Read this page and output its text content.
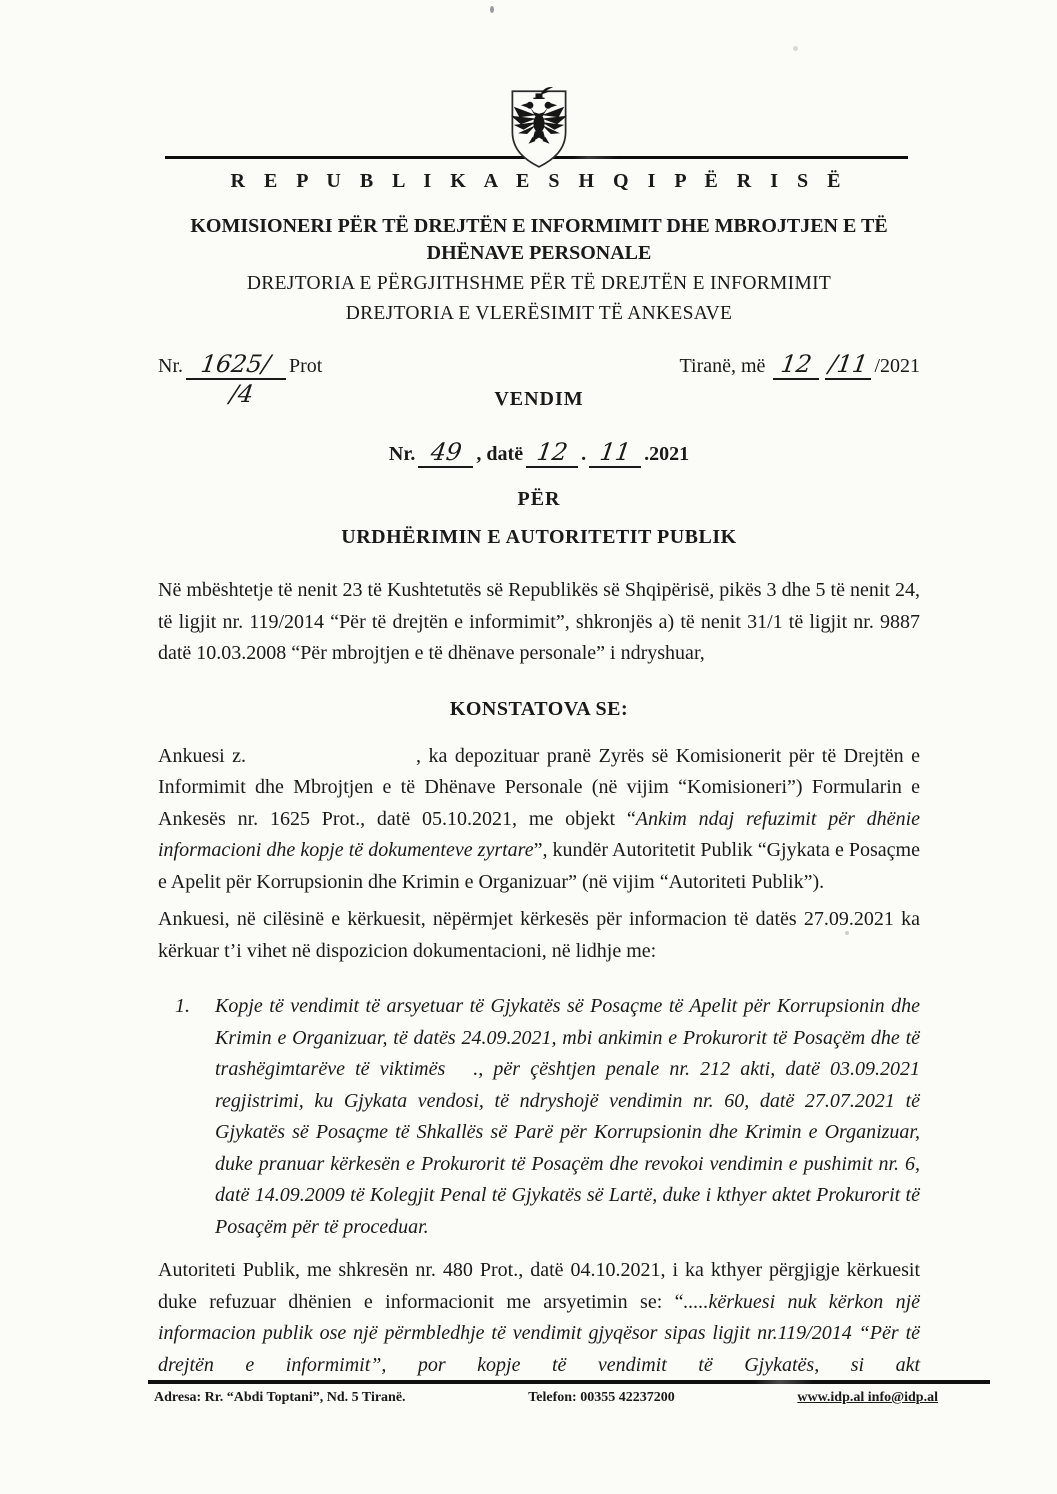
R E P U B L I K A E S H Q I P Ë R I S Ë
KOMISIONERI PËR TË DREJTËN E INFORMIMIT DHE MBROJTJEN E TË
DHËNAVE PERSONALE
DREJTORIA E PËRGJITHSHME PËR TË DREJTËN E INFORMIMIT
DREJTORIA E VLERËSIMIT TË ANKESAVE
Nr. 1625/ Prot
/4	VENDIM
Tiranë, më 12 /11 /2021
Nr. 49 , datë 12 . 11 .2021
PËR
URDHËRIMIN E AUTORITETIT PUBLIK

Në mbështetje të nenit 23 të Kushtetutës së Republikës së Shqipërisë, pikës 3 dhe 5 të nenit 24, të ligjit nr. 119/2014 “Për të drejtën e informimit”, shkronjës a) të nenit 31/1 të ligjit nr. 9887 datë 10.03.2008 “Për mbrojtjen e të dhënave personale” i ndryshuar,

KONSTATOVA SE:

Ankuesi z.	, ka depozituar pranë Zyrës së Komisionerit për të Drejtën e Informimit dhe Mbrojtjen e të Dhënave Personale (në vijim “Komisioneri”) Formularin e Ankesës nr. 1625 Prot., datë 05.10.2021, me objekt “Ankim ndaj refuzimit për dhënie informacioni dhe kopje të dokumenteve zyrtare”, kundër Autoritetit Publik “Gjykata e Posaçme e Apelit për Korrupsionin dhe Krimin e Organizuar” (në vijim “Autoriteti Publik”).

Ankuesi, në cilësinë e kërkuesit, nëpërmjet kërkesës për informacion të datës 27.09.2021 ka kërkuar t’i vihet në dispozicion dokumentacioni, në lidhje me:

1. Kopje të vendimit të arsyetuar të Gjykatës së Posaçme të Apelit për Korrupsionin dhe Krimin e Organizuar, të datës 24.09.2021, mbi ankimin e Prokurorit të Posaçëm dhe të trashëgimtarëve të viktimës ., për çështjen penale nr. 212 akti, datë 03.09.2021 regjistrimi, ku Gjykata vendosi, të ndryshojë vendimin nr. 60, datë 27.07.2021 të Gjykatës së Posaçme të Shkallës së Parë për Korrupsionin dhe Krimin e Organizuar, duke pranuar kërkesën e Prokurorit të Posaçëm dhe revokoi vendimin e pushimit nr. 6, datë 14.09.2009 të Kolegjit Penal të Gjykatës së Lartë, duke i kthyer aktet Prokurorit të Posaçëm për të proceduar.

Autoriteti Publik, me shkresën nr. 480 Prot., datë 04.10.2021, i ka kthyer përgjigje kërkuesit duke refuzuar dhënien e informacionit me arsyetimin se: “.....kërkuesi nuk kërkon një informacion publik ose një përmbledhje të vendimit gjyqësor sipas ligjit nr.119/2014 “Për të drejtën e informimit”, por kopje të vendimit të Gjykatës, si akt

Adresa: Rr. “Abdi Toptani”, Nd. 5 Tiranë.	Telefon: 00355 42237200	www.idp.al info@idp.al
